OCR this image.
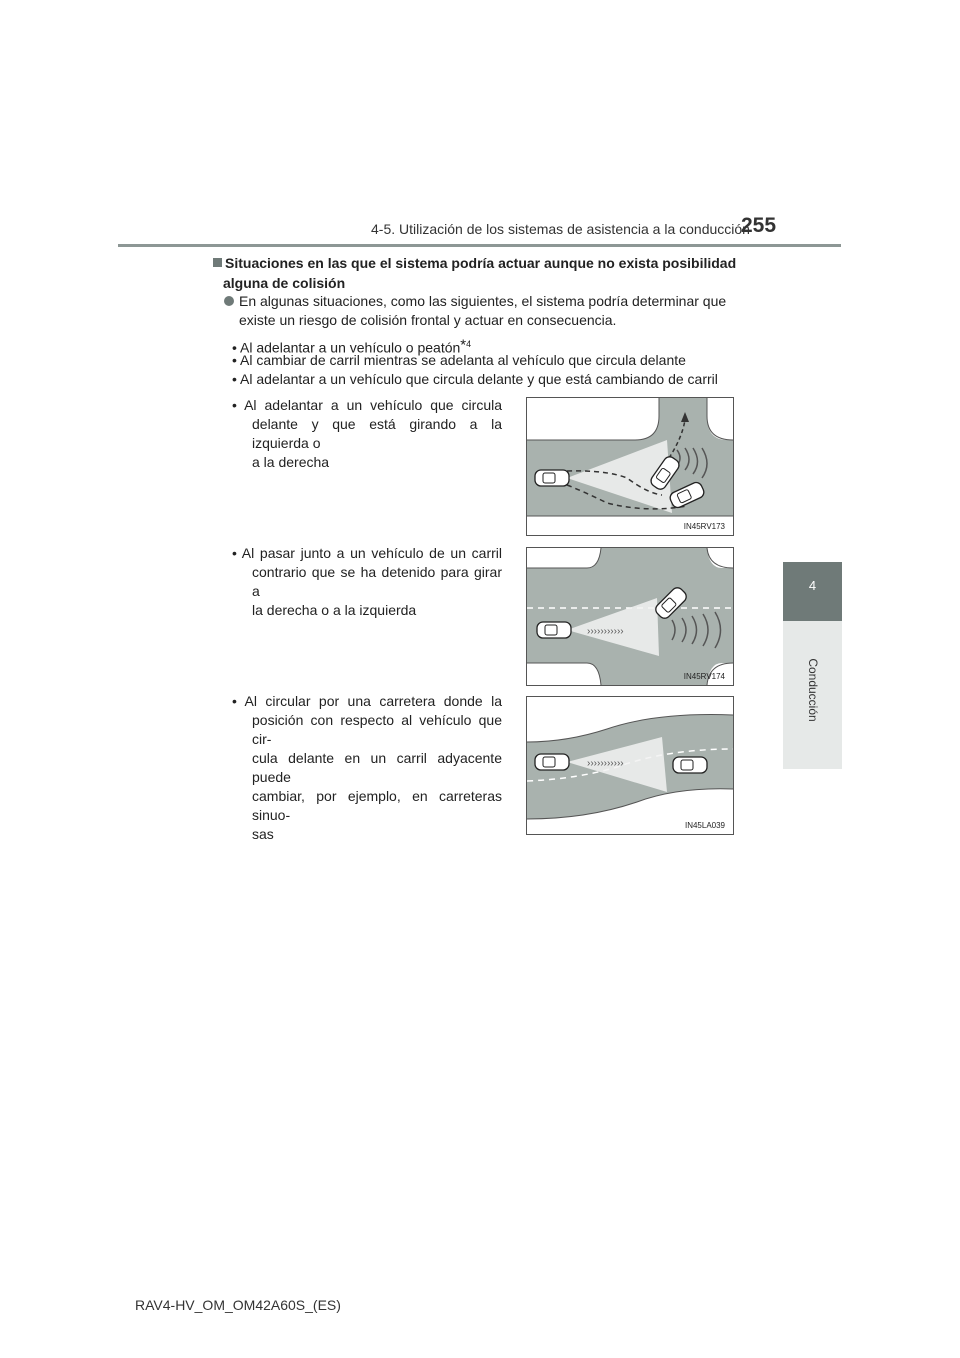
4-5. Utilización de los sistemas de asistencia a la conducción
255
4
Conducción
Situaciones en las que el sistema podría actuar aunque no exista posibilidad
alguna de colisión
En algunas situaciones, como las siguientes, el sistema podría determinar que
existe un riesgo de colisión frontal y actuar en consecuencia.
• Al adelantar a un vehículo o peatón*$^4$
• Al cambiar de carril mientras se adelanta al vehículo que circula delante
• Al adelantar a un vehículo que circula delante y que está cambiando de carril
• Al adelantar a un vehículo que circula
delante y que está girando a la izquierda o
a la derecha
IN45RV173
• Al pasar junto a un vehículo de un carril
contrario que se ha detenido para girar a
la derecha o a la izquierda
›››››››››››
IN45RV174
• Al circular por una carretera donde la
posición con respecto al vehículo que cir-
cula delante en un carril adyacente puede
cambiar, por ejemplo, en carreteras sinuo-
sas
›››››››››››
IN45LA039
RAV4-HV_OM_OM42A60S_(ES)
